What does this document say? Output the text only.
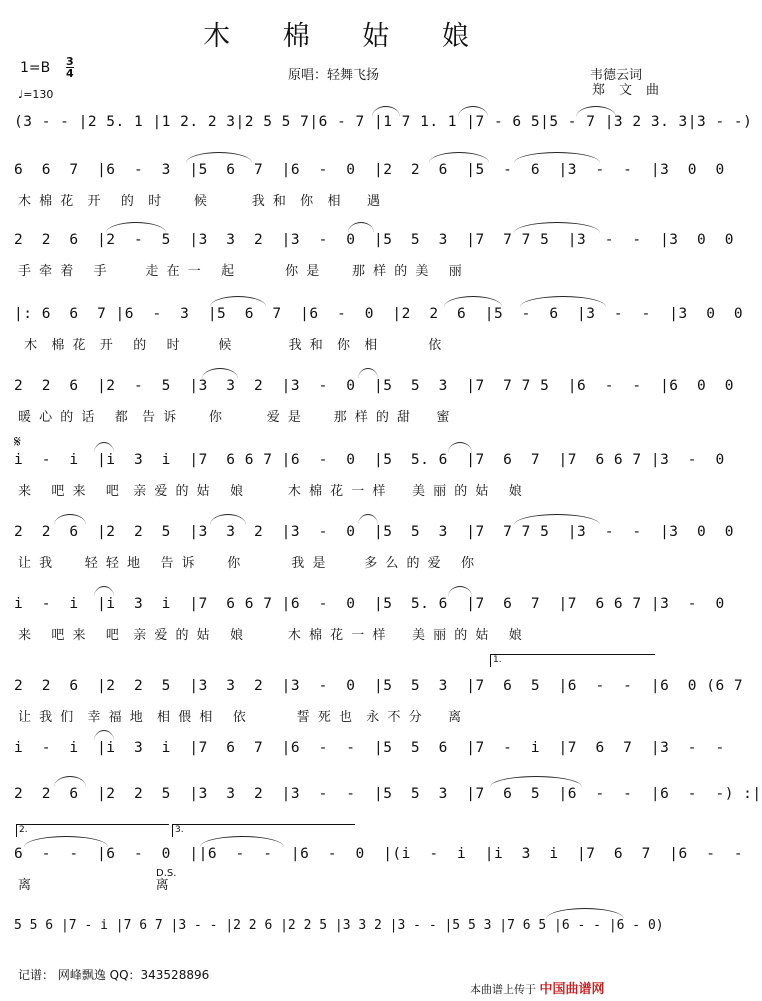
木 棉 姑 娘
1=B 3
4
♩=130
原唱：轻舞飞扬	韦德云词
郑文曲
(3 - - |2 5. 1 |1 2. 2 3|2 5 5 7|6 - 7 |1 7 1. 1 |7 - 6 5|5 - 7 |3 2 3. 3|3 - -)
6  6  7  |6  -  3  |5  6  7  |6  -  0  |2  2  6  |5  -  6  |3  -  -  |3  0  0
木 棉 花  开   的  时     候       我 和  你  相    遇
2  2  6  |2  -  5  |3  3  2  |3  -  0  |5  5  3  |7  7 7 5  |3  -  -  |3  0  0
手 牵 着   手      走 在 一   起        你 是     那 样 的 美   丽
|: 6  6  7 |6  -  3  |5  6  7  |6  -  0  |2  2  6  |5  -  6  |3  -  -  |3  0  0
木  棉 花  开   的   时      候         我 和  你  相        依
2  2  6  |2  -  5  |3  3  2  |3  -  0  |5  5  3  |7  7 7 5  |6  -  -  |6  0  0
暖 心 的 话   都  告 诉     你       爱 是     那 样 的 甜    蜜
𝄋
i  -  i  |i  3  i  |7  6 6 7 |6  -  0  |5  5. 6  |7  6  7  |7  6 6 7 |3  -  0
来   吧 来   吧  亲 爱 的 姑   娘       木 棉 花 一 样    美 丽 的 姑   娘
2  2  6  |2  2  5  |3  3  2  |3  -  0  |5  5  3  |7  7 7 5  |3  -  -  |3  0  0
让 我     轻 轻 地   告 诉     你        我 是      多 么 的 爱   你
i  -  i  |i  3  i  |7  6 6 7 |6  -  0  |5  5. 6  |7  6  7  |7  6 6 7 |3  -  0
来   吧 来   吧  亲 爱 的 姑   娘       木 棉 花 一 样    美 丽 的 姑   娘
1.
2  2  6  |2  2  5  |3  3  2  |3  -  0  |5  5  3  |7  6  5  |6  -  -  |6  0 (6 7
让 我 们  幸 福 地  相 偎 相   依        誓 死 也  永 不 分    离
i  -  i  |i  3  i  |7  6  7  |6  -  -  |5  5  6  |7  -  i  |7  6  7  |3  -  -
2  2  6  |2  2  5  |3  3  2  |3  -  -  |5  5  3  |7  6  5  |6  -  -  |6  -  -) :|
2.	3.
6  -  -  |6  -  0  ||6  -  -  |6  -  0  |(i  -  i  |i  3  i  |7  6  7  |6  -  -
离                    离
D.S.
5 5 6 |7 - i |7 6 7 |3 - - |2 2 6 |2 2 5 |3 3 2 |3 - - |5 5 3 |7 6 5 |6 - - |6 - 0)
记谱： 网峰飘逸 QQ：343528896
本曲谱上传于 中国曲谱网
